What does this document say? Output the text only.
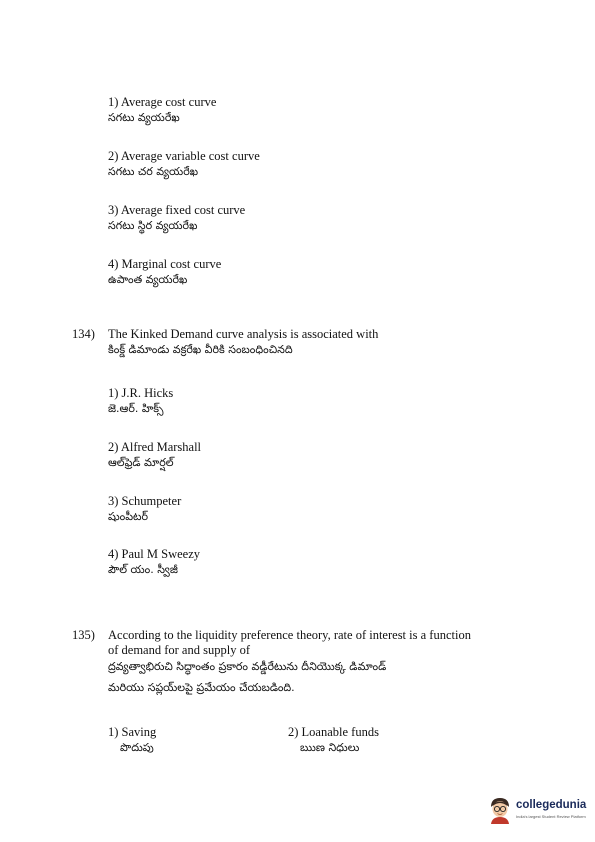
1) Average cost curve
సగటు వ్యయరేఖ
2) Average variable cost curve
సగటు చర వ్యయరేఖ
3) Average fixed cost curve
సగటు స్థిర వ్యయరేఖ
4) Marginal cost curve
ఉపాంత వ్యయరేఖ
134) The Kinked Demand curve analysis is associated with
కింక్డ్ డిమాండు వక్రరేఖ వీరికి సంబంధించినది
1) J.R. Hicks
జె.ఆర్. హిక్స్
2) Alfred Marshall
ఆల్‌ఫ్రెడ్ మార్షల్
3) Schumpeter
షుంపీటర్
4) Paul M Sweezy
పౌల్ యం. స్వీజీ
135) According to the liquidity preference theory, rate of interest is a function
of demand for and supply of
ద్రవ్యత్వాభిరుచి సిద్ధాంతం ప్రకారం వడ్డీరేటును దీనియొక్క డిమాండ్
మరియు సప్లయ్‌లపై ప్రమేయం చేయబడింది.
1) Saving
పొదుపు
2) Loanable funds
ఋణ నిధులు
collegedunia
India's largest Student Review Platform
